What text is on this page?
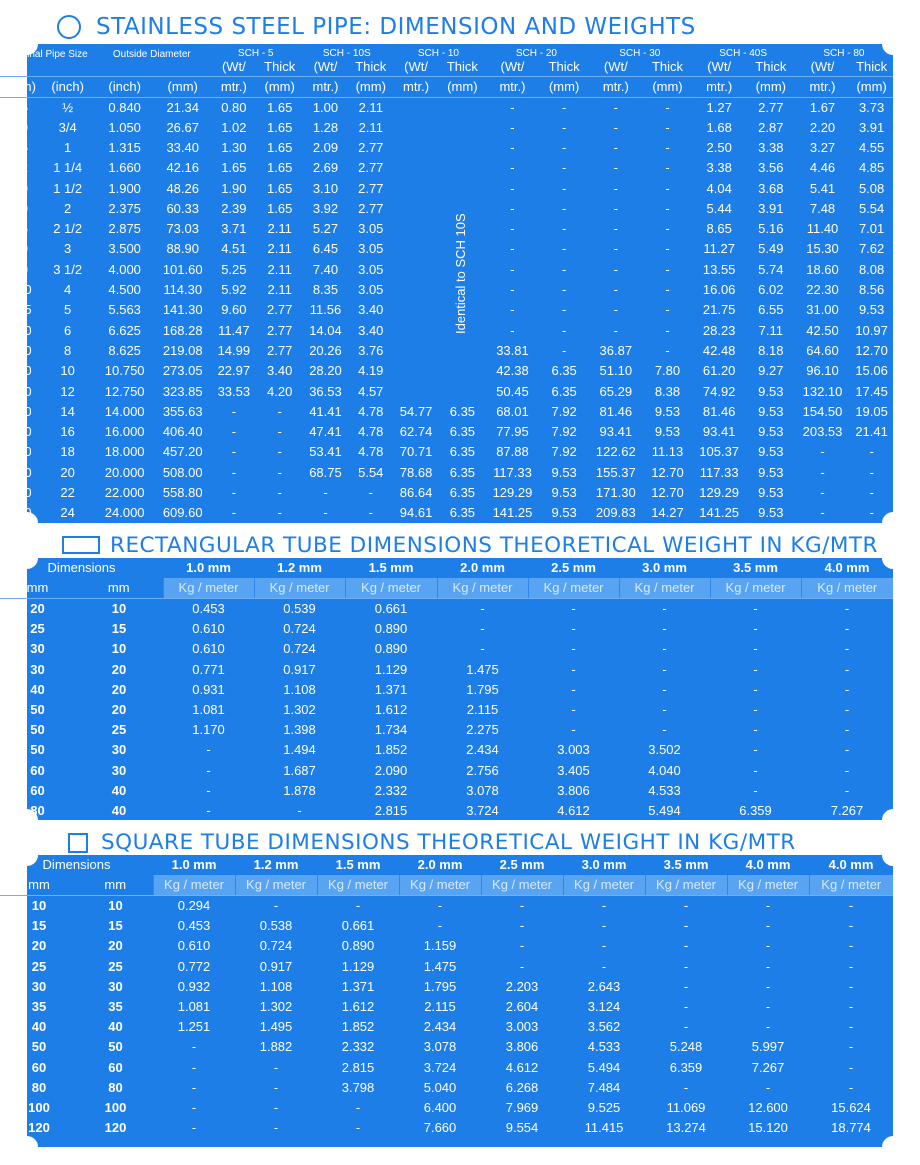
STAINLESS STEEL PIPE: DIMENSION AND WEIGHTS
Nominal Pipe Size		Outside Diameter		SCH - 5		SCH - 10S		SCH - 10		SCH - 20		SCH - 30		SCH - 40S		SCH - 80	
				(Wt/	Thick	(Wt/	Thick	(Wt/	Thick	(Wt/	Thick	(Wt/	Thick	(Wt/	Thick	(Wt/	Thick
(mm)	(inch)	(inch)	(mm)	mtr.)	(mm)	mtr.)	(mm)	mtr.)	(mm)	mtr.)	(mm)	mtr.)	(mm)	mtr.)	(mm)	mtr.)	(mm)
15	½	0.840	21.34	0.80	1.65	1.00	2.11			-	-	-	-	1.27	2.77	1.67	3.73
20	3/4	1.050	26.67	1.02	1.65	1.28	2.11			-	-	-	-	1.68	2.87	2.20	3.91
25	1	1.315	33.40	1.30	1.65	2.09	2.77			-	-	-	-	2.50	3.38	3.27	4.55
32	1 1/4	1.660	42.16	1.65	1.65	2.69	2.77			-	-	-	-	3.38	3.56	4.46	4.85
40	1 1/2	1.900	48.26	1.90	1.65	3.10	2.77			-	-	-	-	4.04	3.68	5.41	5.08
50	2	2.375	60.33	2.39	1.65	3.92	2.77			-	-	-	-	5.44	3.91	7.48	5.54
65	2 1/2	2.875	73.03	3.71	2.11	5.27	3.05			-	-	-	-	8.65	5.16	11.40	7.01
80	3	3.500	88.90	4.51	2.11	6.45	3.05			-	-	-	-	11.27	5.49	15.30	7.62
90	3 1/2	4.000	101.60	5.25	2.11	7.40	3.05			-	-	-	-	13.55	5.74	18.60	8.08
100	4	4.500	114.30	5.92	2.11	8.35	3.05			-	-	-	-	16.06	6.02	22.30	8.56
125	5	5.563	141.30	9.60	2.77	11.56	3.40			-	-	-	-	21.75	6.55	31.00	9.53
150	6	6.625	168.28	11.47	2.77	14.04	3.40			-	-	-	-	28.23	7.11	42.50	10.97
200	8	8.625	219.08	14.99	2.77	20.26	3.76			33.81	-	36.87	-	42.48	8.18	64.60	12.70
250	10	10.750	273.05	22.97	3.40	28.20	4.19			42.38	6.35	51.10	7.80	61.20	9.27	96.10	15.06
300	12	12.750	323.85	33.53	4.20	36.53	4.57			50.45	6.35	65.29	8.38	74.92	9.53	132.10	17.45
350	14	14.000	355.63	-	-	41.41	4.78	54.77	6.35	68.01	7.92	81.46	9.53	81.46	9.53	154.50	19.05
400	16	16.000	406.40	-	-	47.41	4.78	62.74	6.35	77.95	7.92	93.41	9.53	93.41	9.53	203.53	21.41
450	18	18.000	457.20	-	-	53.41	4.78	70.71	6.35	87.88	7.92	122.62	11.13	105.37	9.53	-	-
500	20	20.000	508.00	-	-	68.75	5.54	78.68	6.35	117.33	9.53	155.37	12.70	117.33	9.53	-	-
550	22	22.000	558.80	-	-	-	-	86.64	6.35	129.29	9.53	171.30	12.70	129.29	9.53	-	-
600	24	24.000	609.60	-	-	-	-	94.61	6.35	141.25	9.53	209.83	14.27	141.25	9.53	-	-
Identical to SCH 10S
RECTANGULAR TUBE DIMENSIONS THEORETICAL WEIGHT IN KG/MTR
Dimensions		1.0 mm	1.2 mm	1.5 mm	2.0 mm	2.5 mm	3.0 mm	3.5 mm	4.0 mm
mm	mm	Kg / meter	Kg / meter	Kg / meter	Kg / meter	Kg / meter	Kg / meter	Kg / meter	Kg / meter
20	10	0.453	0.539	0.661	-	-	-	-	-
25	15	0.610	0.724	0.890	-	-	-	-	-
30	10	0.610	0.724	0.890	-	-	-	-	-
30	20	0.771	0.917	1.129	1.475	-	-	-	-
40	20	0.931	1.108	1.371	1.795	-	-	-	-
50	20	1.081	1.302	1.612	2.115	-	-	-	-
50	25	1.170	1.398	1.734	2.275	-	-	-	-
50	30	-	1.494	1.852	2.434	3.003	3.502	-	-
60	30	-	1.687	2.090	2.756	3.405	4.040	-	-
60	40	-	1.878	2.332	3.078	3.806	4.533	-	-
80	40	-	-	2.815	3.724	4.612	5.494	6.359	7.267
SQUARE TUBE DIMENSIONS THEORETICAL WEIGHT IN KG/MTR
Dimensions		1.0 mm	1.2 mm	1.5 mm	2.0 mm	2.5 mm	3.0 mm	3.5 mm	4.0 mm	4.0 mm
mm	mm	Kg / meter	Kg / meter	Kg / meter	Kg / meter	Kg / meter	Kg / meter	Kg / meter	Kg / meter	Kg / meter
10	10	0.294	-	-	-	-	-	-	-	-
15	15	0.453	0.538	0.661	-	-	-	-	-	-
20	20	0.610	0.724	0.890	1.159	-	-	-	-	-
25	25	0.772	0.917	1.129	1.475	-	-	-	-	-
30	30	0.932	1.108	1.371	1.795	2.203	2.643	-	-	-
35	35	1.081	1.302	1.612	2.115	2.604	3.124	-	-	-
40	40	1.251	1.495	1.852	2.434	3.003	3.562	-	-	-
50	50	-	1.882	2.332	3.078	3.806	4.533	5.248	5.997	-
60	60	-	-	2.815	3.724	4.612	5.494	6.359	7.267	-
80	80	-	-	3.798	5.040	6.268	7.484	-	-	-
100	100	-	-	-	6.400	7.969	9.525	11.069	12.600	15.624
120	120	-	-	-	7.660	9.554	11.415	13.274	15.120	18.774
